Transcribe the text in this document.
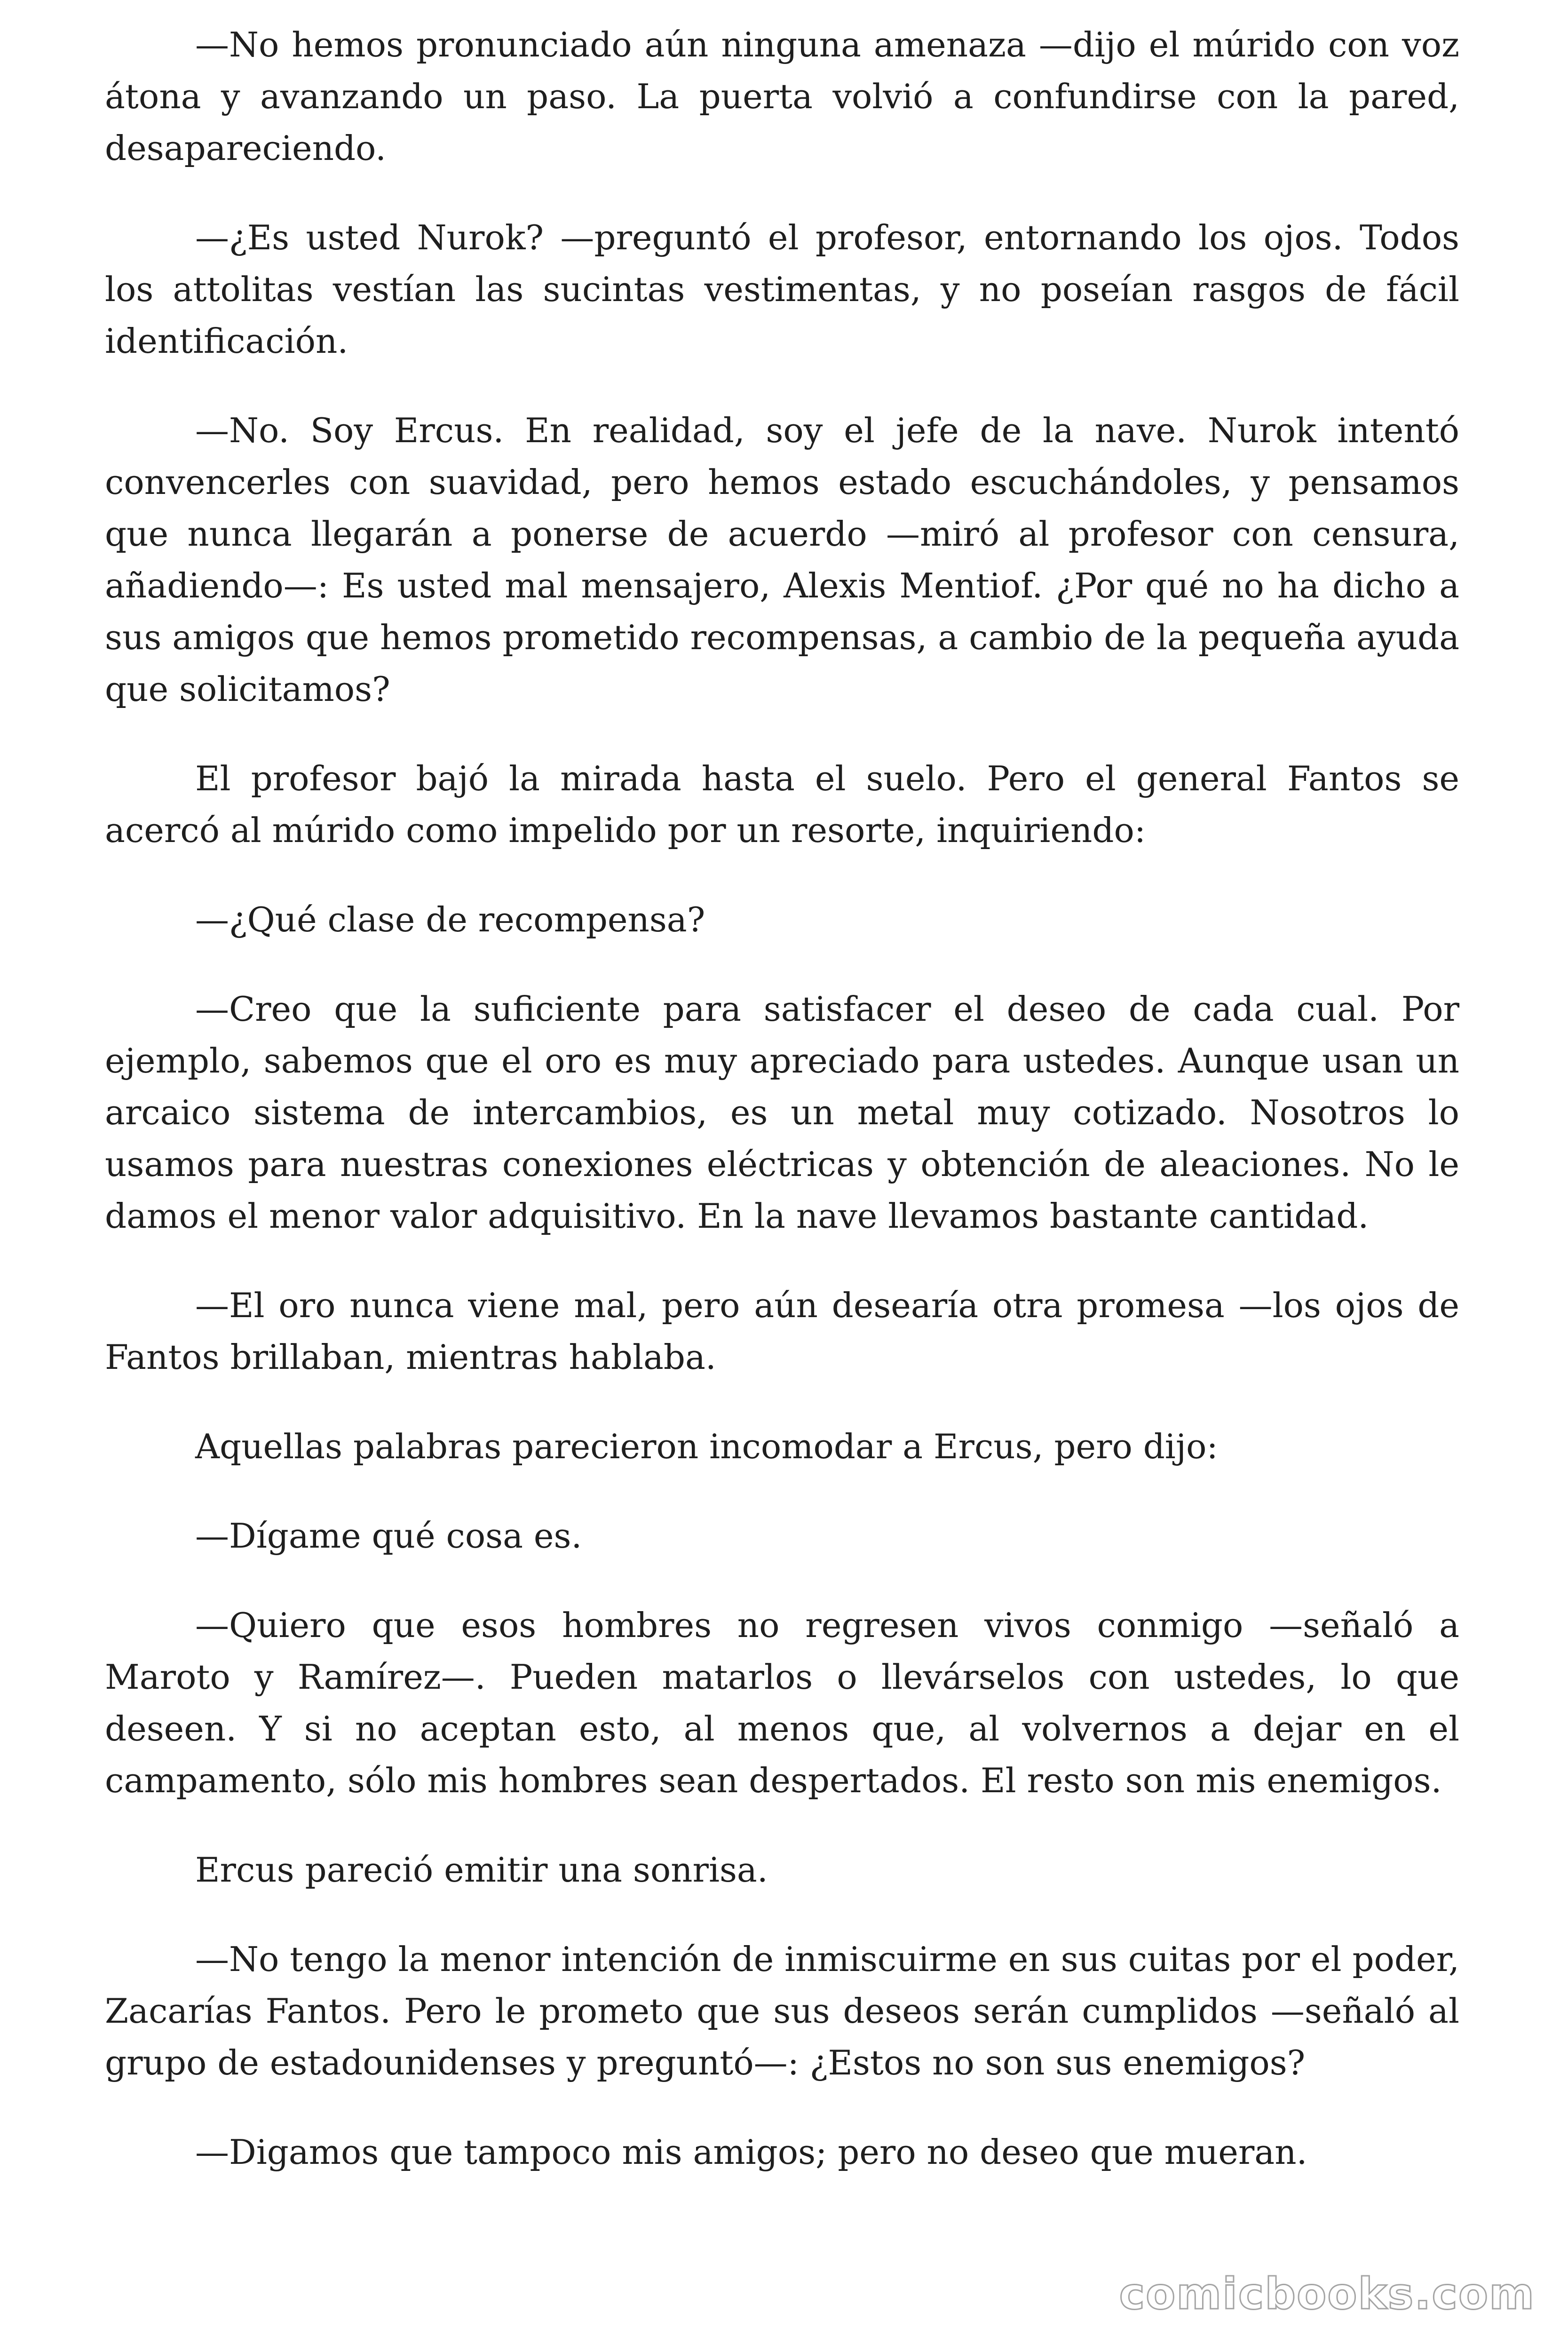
—No hemos pronunciado aún ninguna amenaza —dijo el múrido con voz átona y avanzando un paso. La puerta volvió a confundirse con la pared, desapareciendo.

—¿Es usted Nurok? —preguntó el profesor, entornando los ojos. Todos los attolitas vestían las sucintas vestimentas, y no poseían rasgos de fácil identificación.

—No. Soy Ercus. En realidad, soy el jefe de la nave. Nurok intentó convencerles con suavidad, pero hemos estado escuchándoles, y pensamos que nunca llegarán a ponerse de acuerdo —miró al profesor con censura, añadiendo—: Es usted mal mensajero, Alexis Mentiof. ¿Por qué no ha dicho a sus amigos que hemos prometido recompensas, a cambio de la pequeña ayuda que solicitamos?

El profesor bajó la mirada hasta el suelo. Pero el general Fantos se acercó al múrido como impelido por un resorte, inquiriendo:

—¿Qué clase de recompensa?

—Creo que la suficiente para satisfacer el deseo de cada cual. Por ejemplo, sabemos que el oro es muy apreciado para ustedes. Aunque usan un arcaico sistema de intercambios, es un metal muy cotizado. Nosotros lo usamos para nuestras conexiones eléctricas y obtención de aleaciones. No le damos el menor valor adquisitivo. En la nave llevamos bastante cantidad.

—El oro nunca viene mal, pero aún desearía otra promesa —los ojos de Fantos brillaban, mientras hablaba.

Aquellas palabras parecieron incomodar a Ercus, pero dijo:

—Dígame qué cosa es.

—Quiero que esos hombres no regresen vivos conmigo —señaló a Maroto y Ramírez—. Pueden matarlos o llevárselos con ustedes, lo que deseen. Y si no aceptan esto, al menos que, al volvernos a dejar en el campamento, sólo mis hombres sean despertados. El resto son mis enemigos.

Ercus pareció emitir una sonrisa.

—No tengo la menor intención de inmiscuirme en sus cuitas por el poder, Zacarías Fantos. Pero le prometo que sus deseos serán cumplidos —señaló al grupo de estadounidenses y preguntó—: ¿Estos no son sus enemigos?

—Digamos que tampoco mis amigos; pero no deseo que mueran.

comicbooks.com
